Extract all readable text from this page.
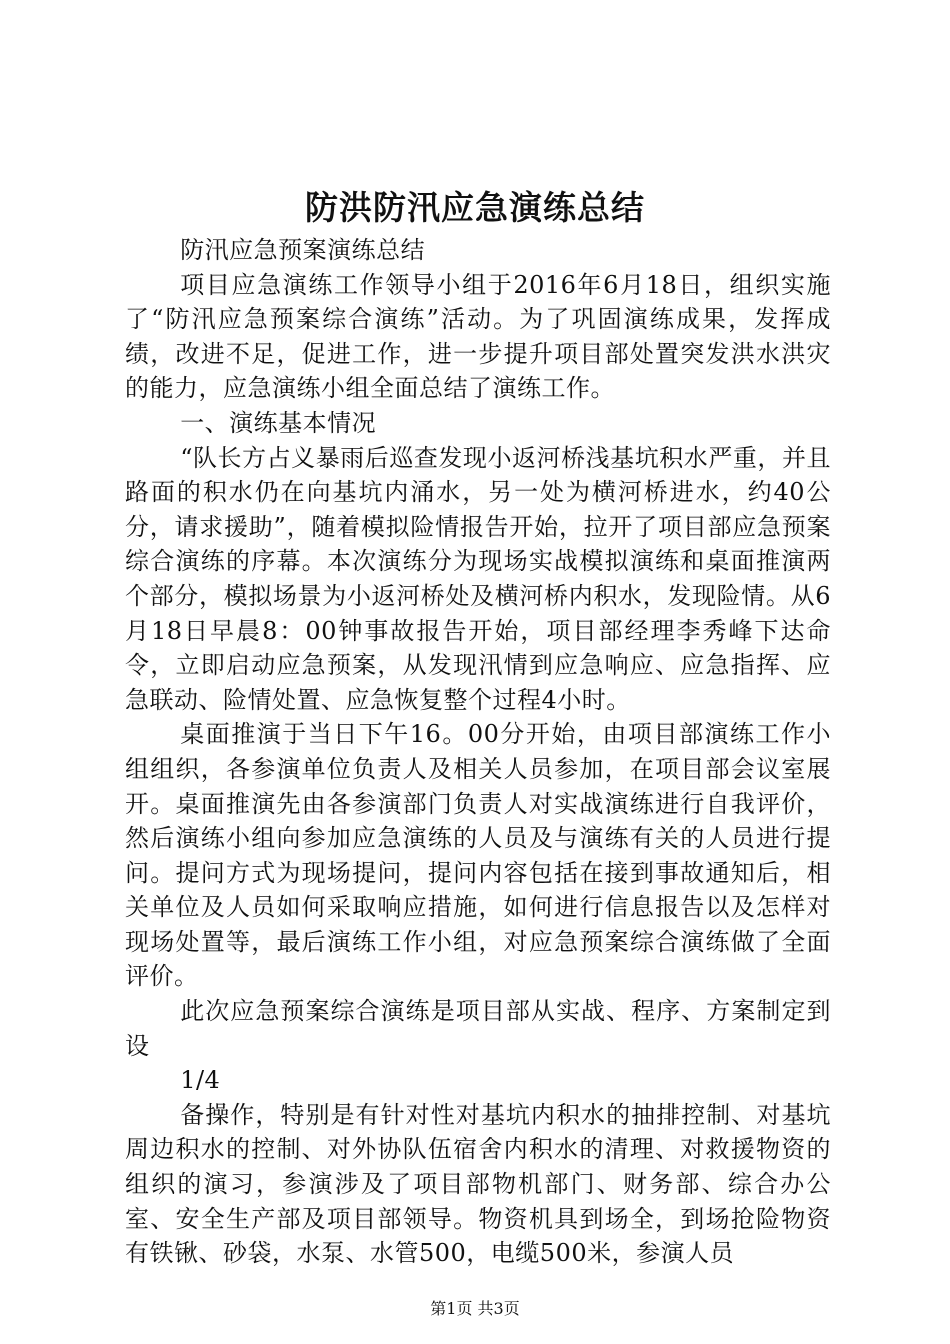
防洪防汛应急演练总结

防汛应急预案演练总结

项目应急演练工作领导小组于2016年6月18日，组织实施了“防汛应急预案综合演练”活动。为了巩固演练成果，发挥成绩，改进不足，促进工作，进一步提升项目部处置突发洪水洪灾的能力，应急演练小组全面总结了演练工作。

一、演练基本情况

“队长方占义暴雨后巡查发现小返河桥浅基坑积水严重，并且路面的积水仍在向基坑内涌水，另一处为横河桥进水，约40公分，请求援助”，随着模拟险情报告开始，拉开了项目部应急预案综合演练的序幕。本次演练分为现场实战模拟演练和桌面推演两个部分，模拟场景为小返河桥处及横河桥内积水，发现险情。从6月18日早晨8：00钟事故报告开始，项目部经理李秀峰下达命令，立即启动应急预案，从发现汛情到应急响应、应急指挥、应急联动、险情处置、应急恢复整个过程4小时。

桌面推演于当日下午16。00分开始，由项目部演练工作小组组织，各参演单位负责人及相关人员参加，在项目部会议室展开。桌面推演先由各参演部门负责人对实战演练进行自我评价，然后演练小组向参加应急演练的人员及与演练有关的人员进行提问。提问方式为现场提问，提问内容包括在接到事故通知后，相关单位及人员如何采取响应措施，如何进行信息报告以及怎样对现场处置等，最后演练工作小组，对应急预案综合演练做了全面评价。

此次应急预案综合演练是项目部从实战、程序、方案制定到设

1/4

备操作，特别是有针对性对基坑内积水的抽排控制、对基坑周边积水的控制、对外协队伍宿舍内积水的清理、对救援物资的组织的演习，参演涉及了项目部物机部门、财务部、综合办公室、安全生产部及项目部领导。物资机具到场全，到场抢险物资有铁锹、砂袋，水泵、水管500，电缆500米，参演人员

第1页 共3页
